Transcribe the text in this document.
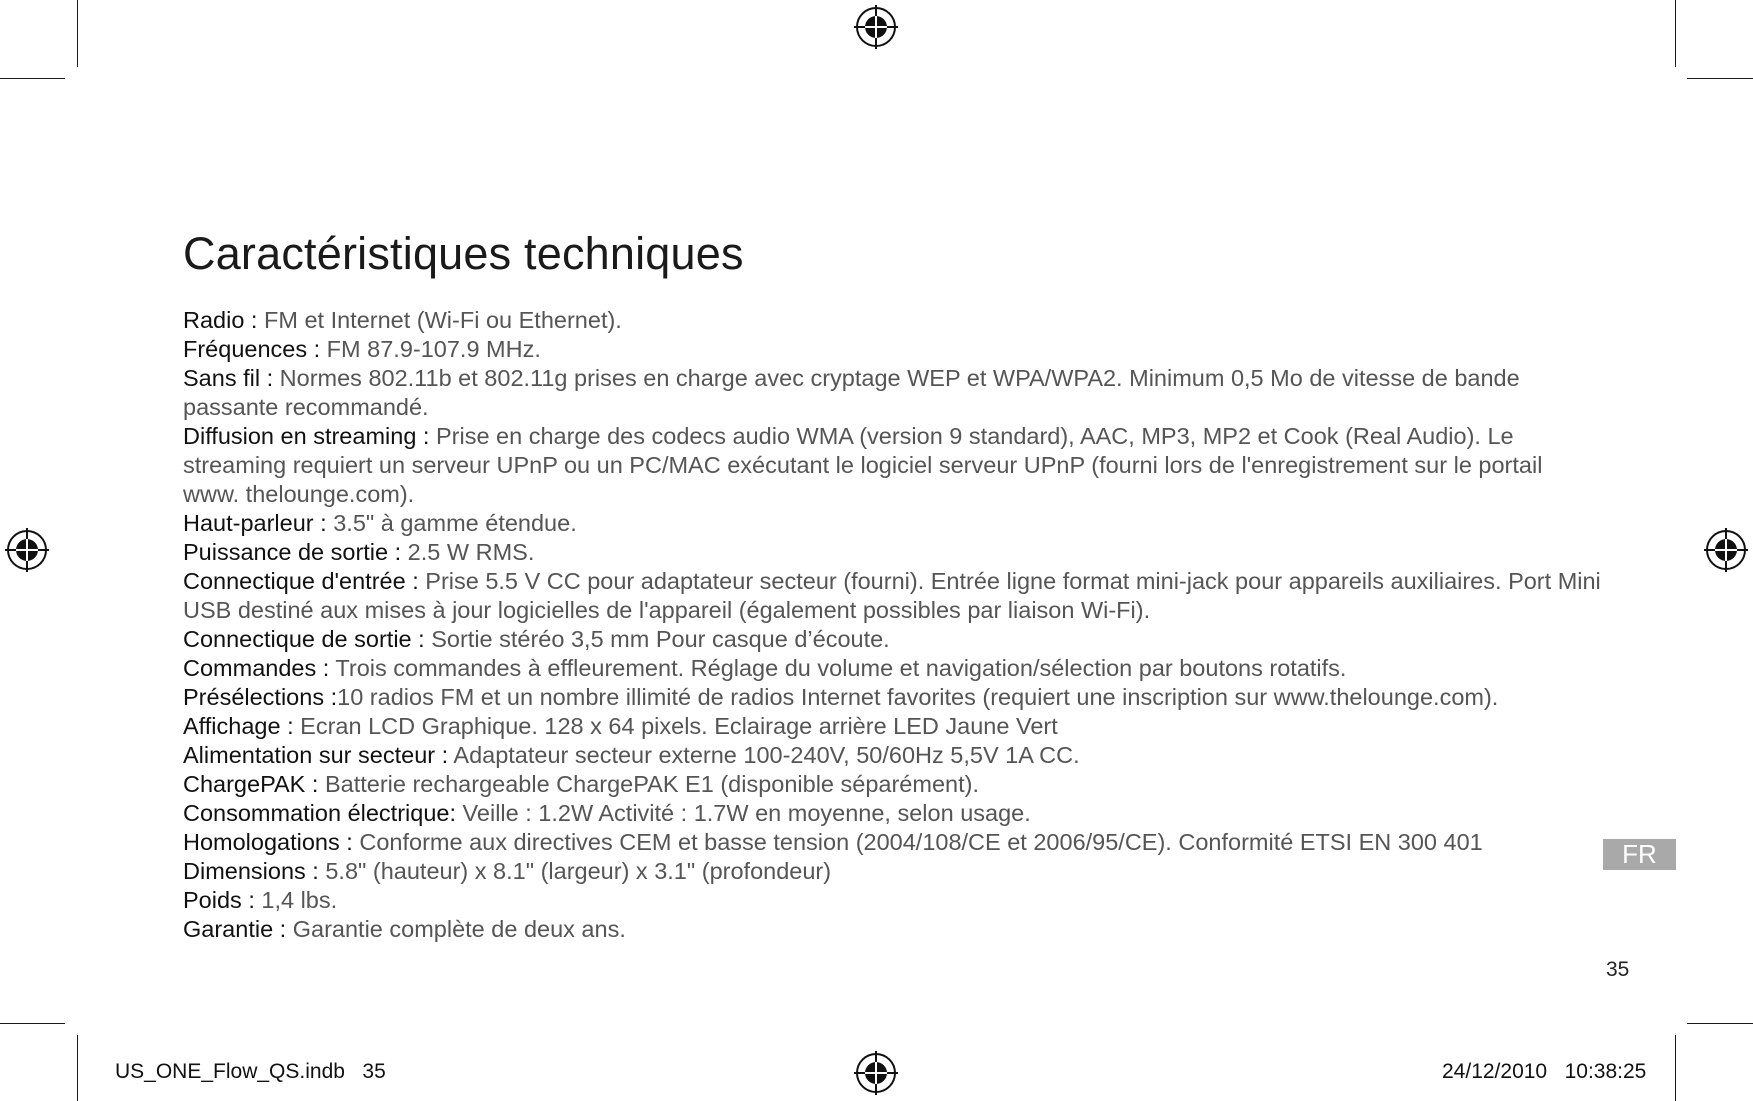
Caractéristiques techniques

Radio : FM et Internet (Wi-Fi ou Ethernet).

Fréquences : FM 87.9-107.9 MHz.

Sans fil : Normes 802.11b et 802.11g prises en charge avec cryptage WEP et WPA/WPA2. Minimum 0,5 Mo de vitesse de bande passante recommandé.

Diffusion en streaming : Prise en charge des codecs audio WMA (version 9 standard), AAC, MP3, MP2 et Cook (Real Audio). Le streaming requiert un serveur UPnP ou un PC/MAC exécutant le logiciel serveur UPnP (fourni lors de l'enregistrement sur le portail www. thelounge.com).

Haut-parleur : 3.5" à gamme étendue.

Puissance de sortie : 2.5 W RMS.

Connectique d'entrée : Prise 5.5 V CC pour adaptateur secteur (fourni). Entrée ligne format mini-jack pour appareils auxiliaires. Port Mini USB destiné aux mises à jour logicielles de l'appareil (également possibles par liaison Wi-Fi).

Connectique de sortie : Sortie stéréo 3,5 mm Pour casque d’écoute.

Commandes : Trois commandes à effleurement. Réglage du volume et navigation/sélection par boutons rotatifs.

Présélections :10 radios FM et un nombre illimité de radios Internet favorites (requiert une inscription sur www.thelounge.com).

Affichage : Ecran LCD Graphique. 128 x 64 pixels. Eclairage arrière LED Jaune Vert

Alimentation sur secteur : Adaptateur secteur externe 100-240V, 50/60Hz 5,5V 1A CC.

ChargePAK : Batterie rechargeable ChargePAK E1 (disponible séparément).

Consommation électrique: Veille : 1.2W Activité : 1.7W en moyenne, selon usage.

Homologations : Conforme aux directives CEM et basse tension (2004/108/CE et 2006/95/CE). Conformité ETSI EN 300 401

Dimensions : 5.8" (hauteur) x 8.1" (largeur) x 3.1" (profondeur)

Poids : 1,4 lbs.

Garantie : Garantie complète de deux ans.

FR
35
US_ONE_Flow_QS.indb   35	24/12/2010   10:38:25
